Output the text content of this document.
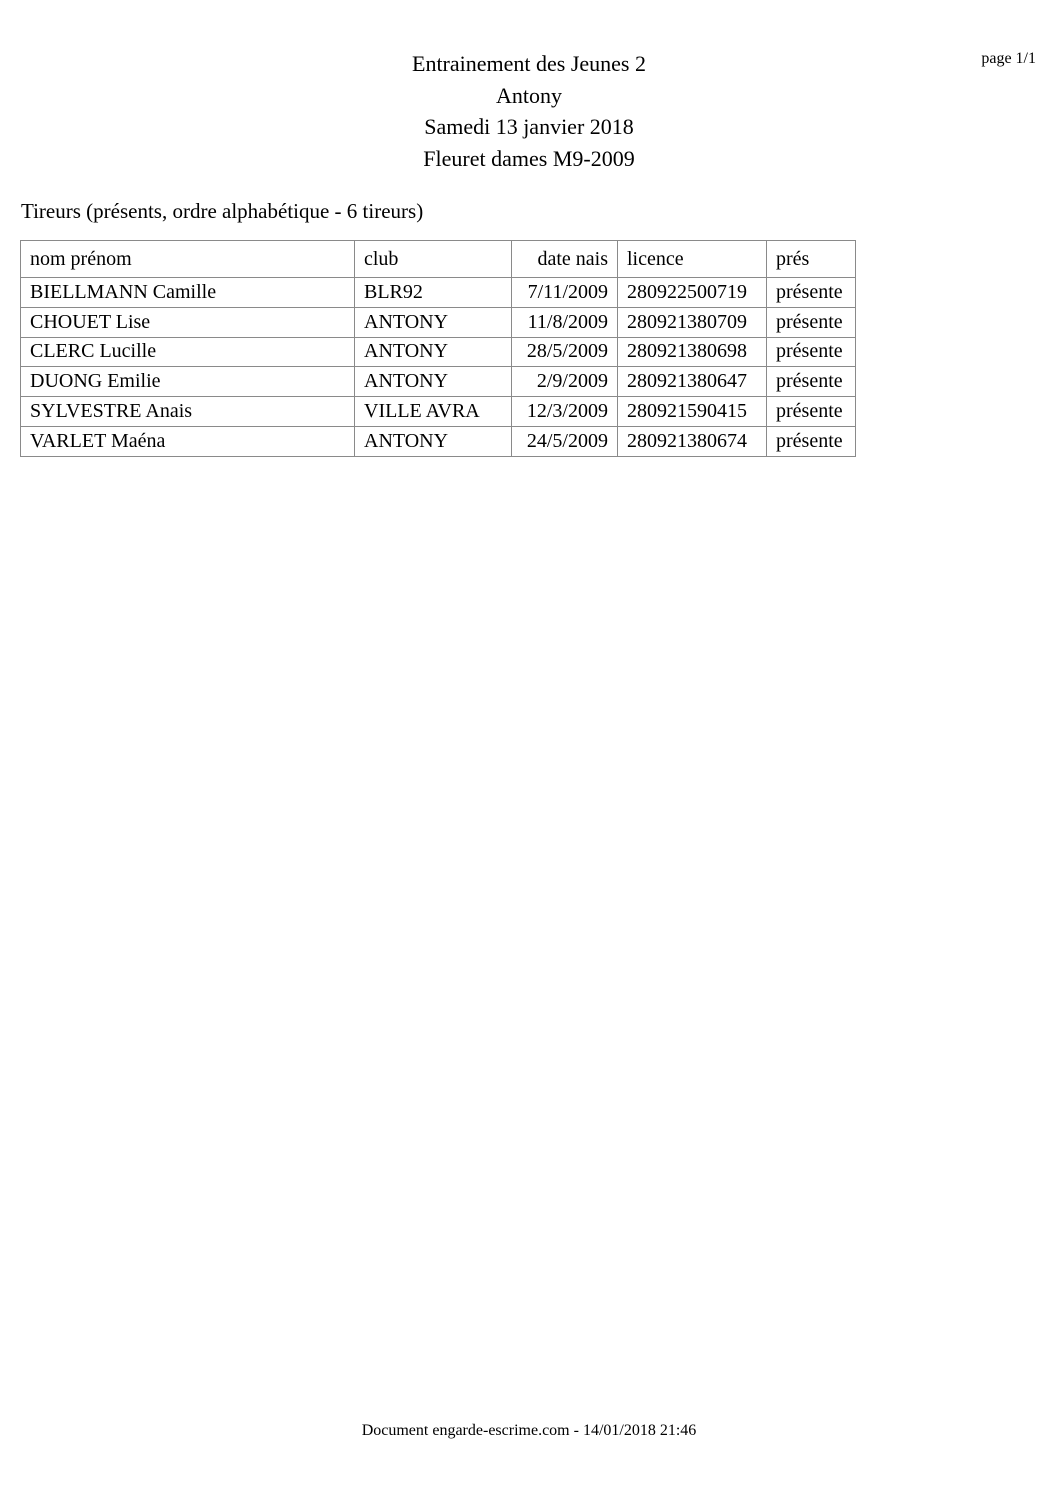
Entrainement des Jeunes 2
Antony
Samedi 13 janvier 2018
Fleuret dames M9-2009
page 1/1
Tireurs (présents, ordre alphabétique - 6 tireurs)
nom prénom	club	date nais	licence	prés
BIELLMANN Camille	BLR92	7/11/2009	280922500719	présente
CHOUET Lise	ANTONY	11/8/2009	280921380709	présente
CLERC Lucille	ANTONY	28/5/2009	280921380698	présente
DUONG Emilie	ANTONY	2/9/2009	280921380647	présente
SYLVESTRE Anais	VILLE AVRA	12/3/2009	280921590415	présente
VARLET Maéna	ANTONY	24/5/2009	280921380674	présente
Document engarde-escrime.com - 14/01/2018 21:46
